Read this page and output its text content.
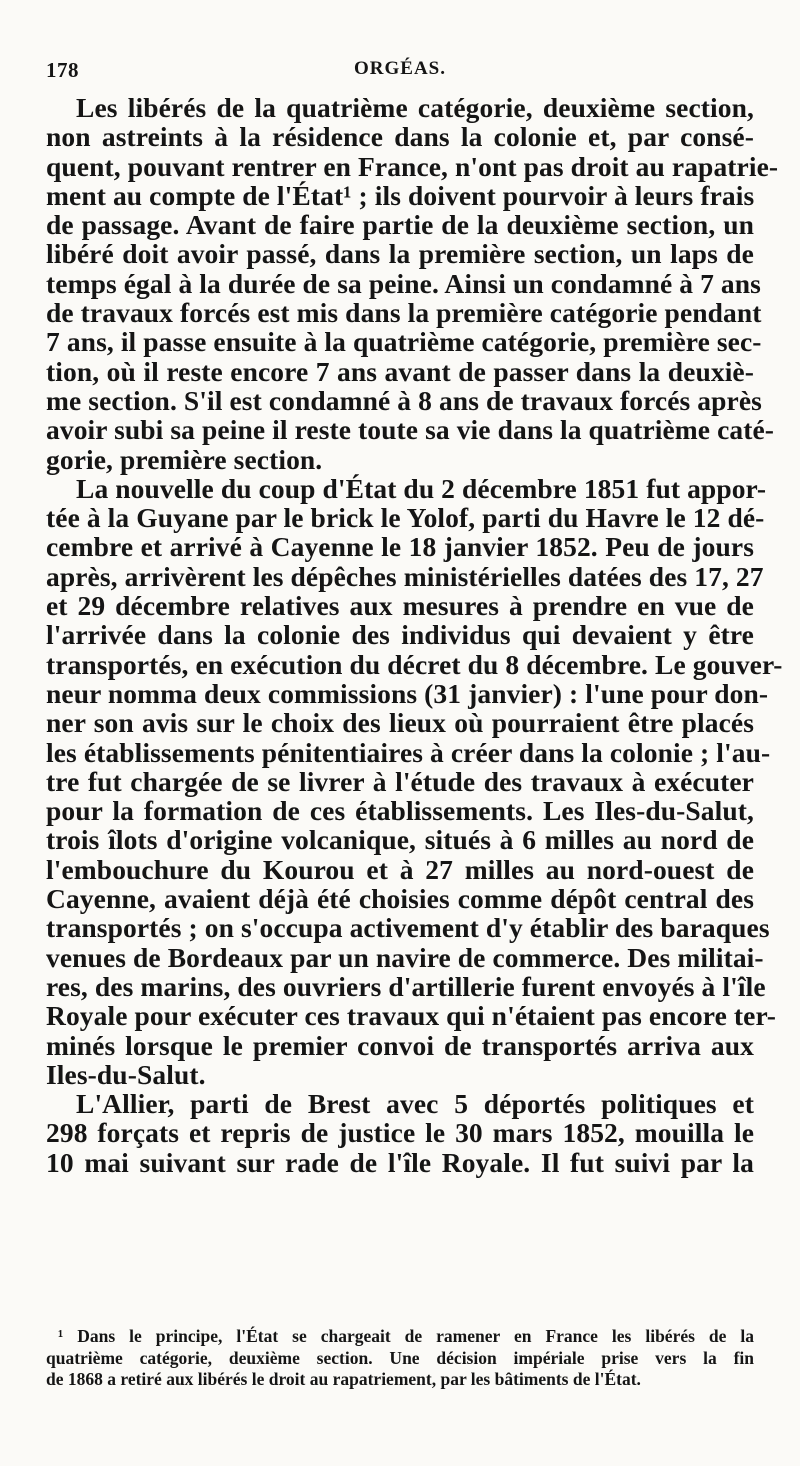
178	ORGÉAS.

Les libérés de la quatrième catégorie, deuxième section,
non astreints à la résidence dans la colonie et, par consé-
quent, pouvant rentrer en France, n'ont pas droit au rapatrie-
ment au compte de l'État¹ ; ils doivent pourvoir à leurs frais
de passage. Avant de faire partie de la deuxième section, un
libéré doit avoir passé, dans la première section, un laps de
temps égal à la durée de sa peine. Ainsi un condamné à 7 ans
de travaux forcés est mis dans la première catégorie pendant
7 ans, il passe ensuite à la quatrième catégorie, première sec-
tion, où il reste encore 7 ans avant de passer dans la deuxiè-
me section. S'il est condamné à 8 ans de travaux forcés après
avoir subi sa peine il reste toute sa vie dans la quatrième caté-
gorie, première section.

La nouvelle du coup d'État du 2 décembre 1851 fut appor-
tée à la Guyane par le brick le Yolof, parti du Havre le 12 dé-
cembre et arrivé à Cayenne le 18 janvier 1852. Peu de jours
après, arrivèrent les dépêches ministérielles datées des 17, 27
et 29 décembre relatives aux mesures à prendre en vue de
l'arrivée dans la colonie des individus qui devaient y être
transportés, en exécution du décret du 8 décembre. Le gouver-
neur nomma deux commissions (31 janvier) : l'une pour don-
ner son avis sur le choix des lieux où pourraient être placés
les établissements pénitentiaires à créer dans la colonie ; l'au-
tre fut chargée de se livrer à l'étude des travaux à exécuter
pour la formation de ces établissements. Les Iles-du-Salut,
trois îlots d'origine volcanique, situés à 6 milles au nord de
l'embouchure du Kourou et à 27 milles au nord-ouest de
Cayenne, avaient déjà été choisies comme dépôt central des
transportés ; on s'occupa activement d'y établir des baraques
venues de Bordeaux par un navire de commerce. Des militai-
res, des marins, des ouvriers d'artillerie furent envoyés à l'île
Royale pour exécuter ces travaux qui n'étaient pas encore ter-
minés lorsque le premier convoi de transportés arriva aux
Iles-du-Salut.

L'Allier, parti de Brest avec 5 déportés politiques et
298 forçats et repris de justice le 30 mars 1852, mouilla le
10 mai suivant sur rade de l'île Royale. Il fut suivi par la

¹ Dans le principe, l'État se chargeait de ramener en France les libérés de la
quatrième catégorie, deuxième section. Une décision impériale prise vers la fin
de 1868 a retiré aux libérés le droit au rapatriement, par les bâtiments de l'État.
